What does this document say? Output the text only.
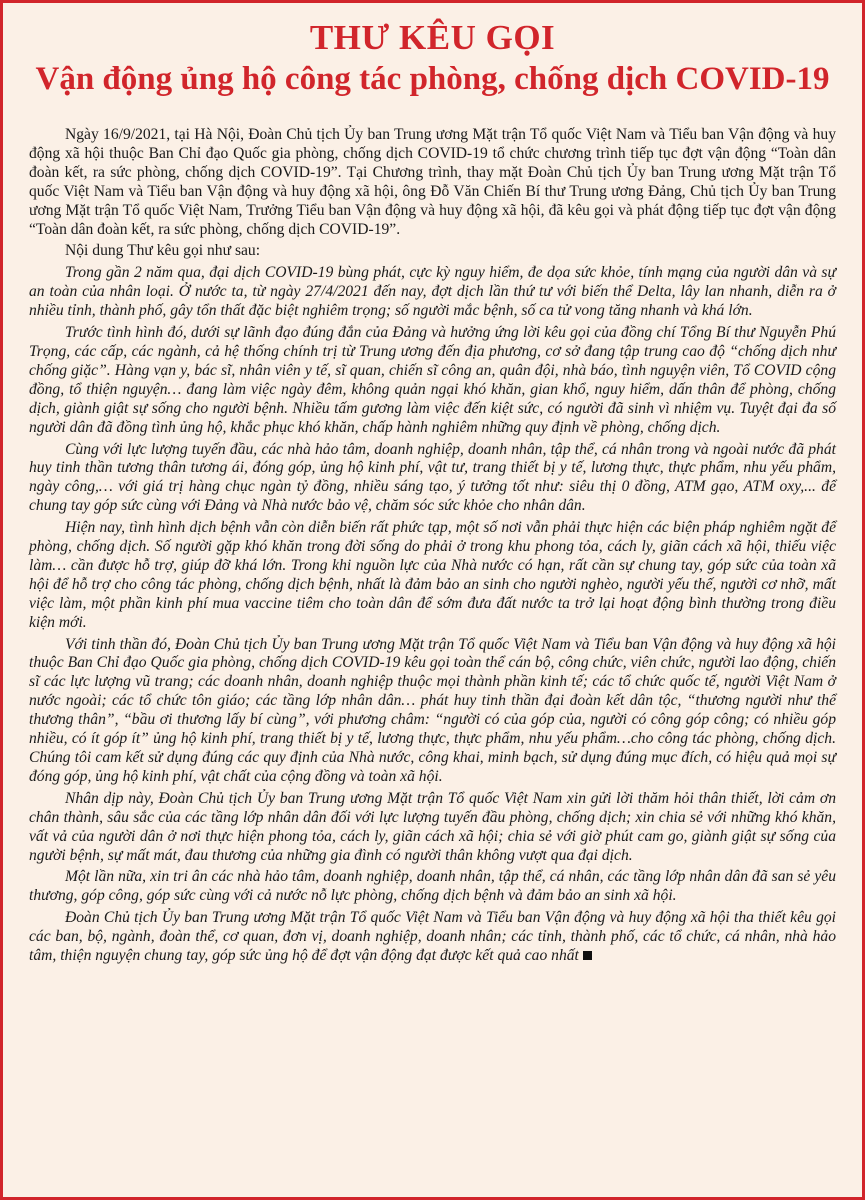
THƯ KÊU GỌI
Vận động ủng hộ công tác phòng, chống dịch COVID-19

Ngày 16/9/2021, tại Hà Nội, Đoàn Chủ tịch Ủy ban Trung ương Mặt trận Tổ quốc Việt Nam và Tiểu ban Vận động và huy động xã hội thuộc Ban Chỉ đạo Quốc gia phòng, chống dịch COVID-19 tổ chức chương trình tiếp tục đợt vận động “Toàn dân đoàn kết, ra sức phòng, chống dịch COVID-19”. Tại Chương trình, thay mặt Đoàn Chủ tịch Ủy ban Trung ương Mặt trận Tổ quốc Việt Nam và Tiểu ban Vận động và huy động xã hội, ông Đỗ Văn Chiến Bí thư Trung ương Đảng, Chủ tịch Ủy ban Trung ương Mặt trận Tổ quốc Việt Nam, Trưởng Tiểu ban Vận động và huy động xã hội, đã kêu gọi và phát động tiếp tục đợt vận động “Toàn dân đoàn kết, ra sức phòng, chống dịch COVID-19”.

Nội dung Thư kêu gọi như sau:

Trong gần 2 năm qua, đại dịch COVID-19 bùng phát, cực kỳ nguy hiểm, đe dọa sức khỏe, tính mạng của người dân và sự an toàn của nhân loại. Ở nước ta, từ ngày 27/4/2021 đến nay, đợt dịch lần thứ tư với biến thể Delta, lây lan nhanh, diễn ra ở nhiều tỉnh, thành phố, gây tổn thất đặc biệt nghiêm trọng; số người mắc bệnh, số ca tử vong tăng nhanh và khá lớn.

Trước tình hình đó, dưới sự lãnh đạo đúng đắn của Đảng và hưởng ứng lời kêu gọi của đồng chí Tổng Bí thư Nguyễn Phú Trọng, các cấp, các ngành, cả hệ thống chính trị từ Trung ương đến địa phương, cơ sở đang tập trung cao độ “chống dịch như chống giặc”. Hàng vạn y, bác sĩ, nhân viên y tế, sĩ quan, chiến sĩ công an, quân đội, nhà báo, tình nguyện viên, Tổ COVID cộng đồng, tổ thiện nguyện… đang làm việc ngày đêm, không quản ngại khó khăn, gian khổ, nguy hiểm, dấn thân để phòng, chống dịch, giành giật sự sống cho người bệnh. Nhiều tấm gương làm việc đến kiệt sức, có người đã sinh vì nhiệm vụ. Tuyệt đại đa số người dân đã đồng tình ủng hộ, khắc phục khó khăn, chấp hành nghiêm những quy định về phòng, chống dịch.

Cùng với lực lượng tuyến đầu, các nhà hảo tâm, doanh nghiệp, doanh nhân, tập thể, cá nhân trong và ngoài nước đã phát huy tinh thần tương thân tương ái, đóng góp, ủng hộ kinh phí, vật tư, trang thiết bị y tế, lương thực, thực phẩm, nhu yếu phẩm, ngày công,… với giá trị hàng chục ngàn tỷ đồng, nhiều sáng tạo, ý tưởng tốt như: siêu thị 0 đồng, ATM gạo, ATM oxy,... để chung tay góp sức cùng với Đảng và Nhà nước bảo vệ, chăm sóc sức khỏe cho nhân dân.

Hiện nay, tình hình dịch bệnh vẫn còn diễn biến rất phức tạp, một số nơi vẫn phải thực hiện các biện pháp nghiêm ngặt để phòng, chống dịch. Số người gặp khó khăn trong đời sống do phải ở trong khu phong tỏa, cách ly, giãn cách xã hội, thiếu việc làm… cần được hỗ trợ, giúp đỡ khá lớn. Trong khi nguồn lực của Nhà nước có hạn, rất cần sự chung tay, góp sức của toàn xã hội để hỗ trợ cho công tác phòng, chống dịch bệnh, nhất là đảm bảo an sinh cho người nghèo, người yếu thế, người cơ nhỡ, mất việc làm, một phần kinh phí mua vaccine tiêm cho toàn dân để sớm đưa đất nước ta trở lại hoạt động bình thường trong điều kiện mới.

Với tinh thần đó, Đoàn Chủ tịch Ủy ban Trung ương Mặt trận Tổ quốc Việt Nam và Tiểu ban Vận động và huy động xã hội thuộc Ban Chỉ đạo Quốc gia phòng, chống dịch COVID-19 kêu gọi toàn thể cán bộ, công chức, viên chức, người lao động, chiến sĩ các lực lượng vũ trang; các doanh nhân, doanh nghiệp thuộc mọi thành phần kinh tế; các tổ chức quốc tế, người Việt Nam ở nước ngoài; các tổ chức tôn giáo; các tầng lớp nhân dân… phát huy tinh thần đại đoàn kết dân tộc, “thương người như thể thương thân”, “bầu ơi thương lấy bí cùng”, với phương châm: “người có của góp của, người có công góp công; có nhiều góp nhiều, có ít góp ít” ủng hộ kinh phí, trang thiết bị y tế, lương thực, thực phẩm, nhu yếu phẩm…cho công tác phòng, chống dịch. Chúng tôi cam kết sử dụng đúng các quy định của Nhà nước, công khai, minh bạch, sử dụng đúng mục đích, có hiệu quả mọi sự đóng góp, ủng hộ kinh phí, vật chất của cộng đồng và toàn xã hội.

Nhân dịp này, Đoàn Chủ tịch Ủy ban Trung ương Mặt trận Tổ quốc Việt Nam xin gửi lời thăm hỏi thân thiết, lời cảm ơn chân thành, sâu sắc của các tầng lớp nhân dân đối với lực lượng tuyến đầu phòng, chống dịch; xin chia sẻ với những khó khăn, vất vả của người dân ở nơi thực hiện phong tỏa, cách ly, giãn cách xã hội; chia sẻ với giờ phút cam go, giành giật sự sống của người bệnh, sự mất mát, đau thương của những gia đình có người thân không vượt qua đại dịch.

Một lần nữa, xin tri ân các nhà hảo tâm, doanh nghiệp, doanh nhân, tập thể, cá nhân, các tầng lớp nhân dân đã san sẻ yêu thương, góp công, góp sức cùng với cả nước nỗ lực phòng, chống dịch bệnh và đảm bảo an sinh xã hội.

Đoàn Chủ tịch Ủy ban Trung ương Mặt trận Tổ quốc Việt Nam và Tiểu ban Vận động và huy động xã hội tha thiết kêu gọi các ban, bộ, ngành, đoàn thể, cơ quan, đơn vị, doanh nghiệp, doanh nhân; các tỉnh, thành phố, các tổ chức, cá nhân, nhà hảo tâm, thiện nguyện chung tay, góp sức ủng hộ để đợt vận động đạt được kết quả cao nhất
